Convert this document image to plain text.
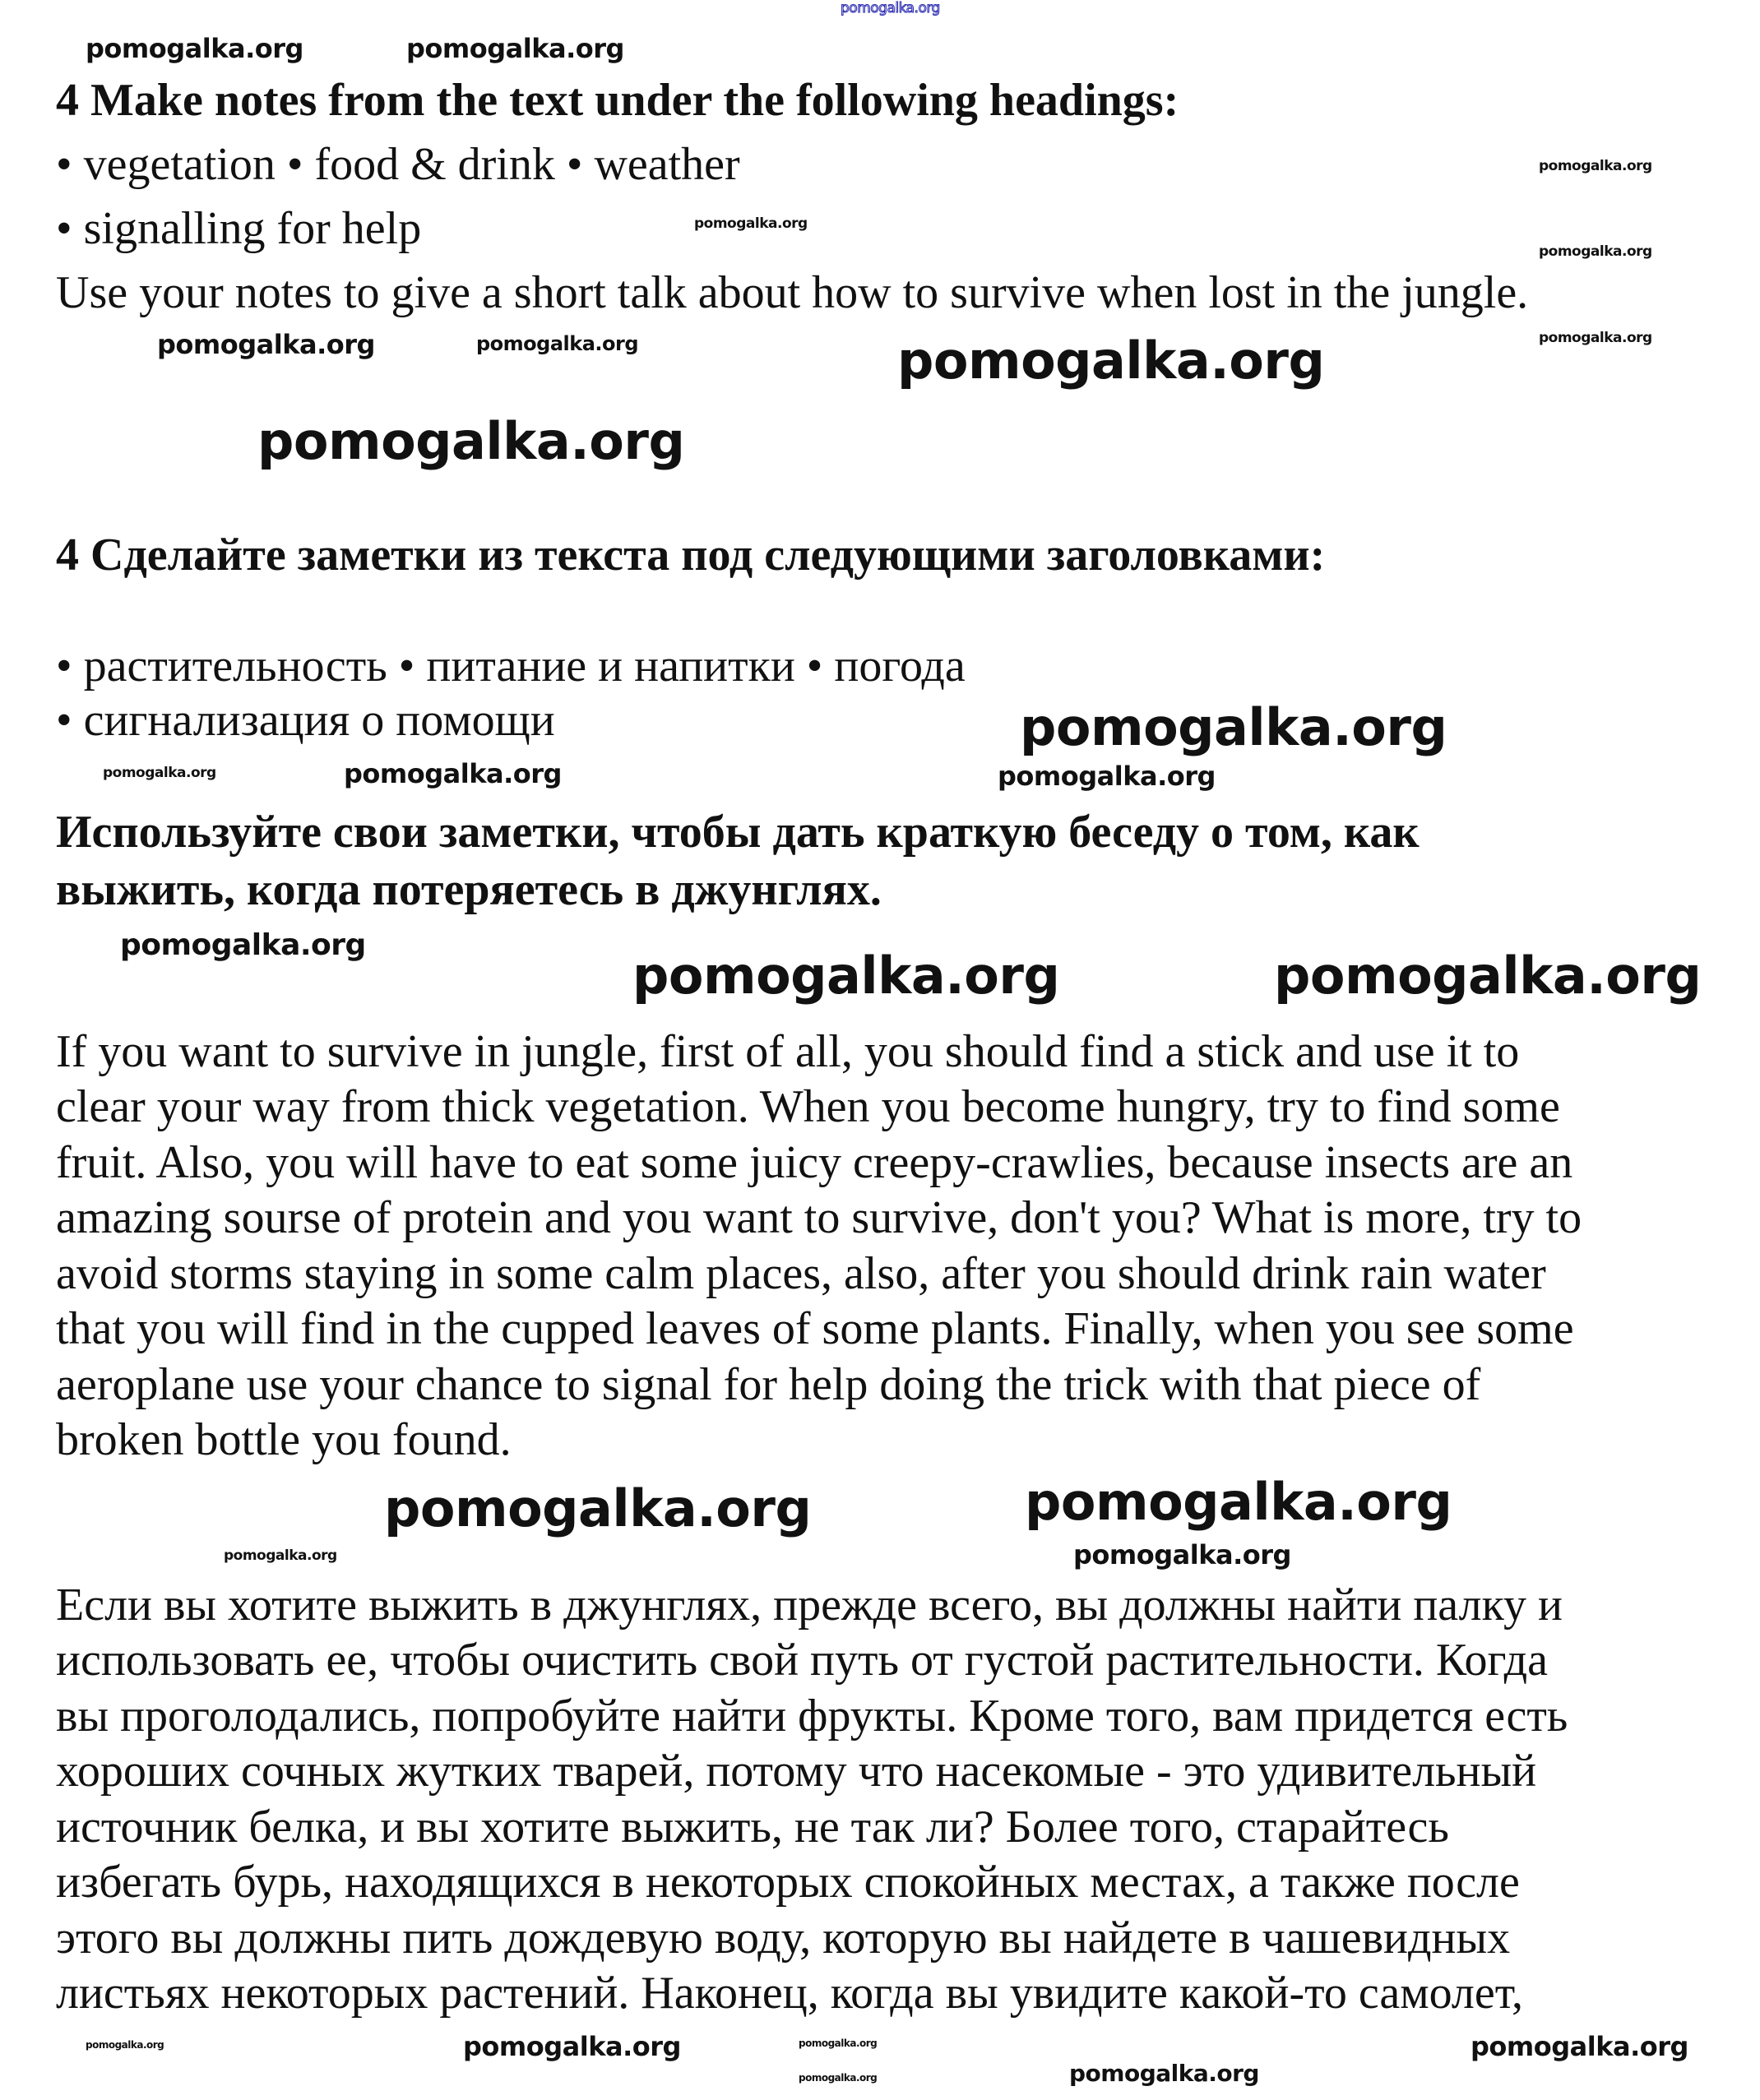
pomogalka.org
4 Make notes from the text under the following headings:
• vegetation • food & drink • weather
• signalling for help
Use your notes to give a short talk about how to survive when lost in the jungle.
4 Сделайте заметки из текста под следующими заголовками:
• растительность • питание и напитки • погода
• сигнализация о помощи
Используйте свои заметки, чтобы дать краткую беседу о том, как
выжить, когда потеряетесь в джунглях.
If you want to survive in jungle, first of all, you should find a stick and use it to
clear your way from thick vegetation. When you become hungry, try to find some
fruit. Also, you will have to eat some juicy creepy-crawlies, because insects are an
amazing sourse of protein and you want to survive, don't you? What is more, try to
avoid storms staying in some calm places, also, after you should drink rain water
that you will find in the cupped leaves of some plants. Finally, when you see some
aeroplane use your chance to signal for help doing the trick with that piece of
broken bottle you found.
Если вы хотите выжить в джунглях, прежде всего, вы должны найти палку и
использовать ее, чтобы очистить свой путь от густой растительности. Когда
вы проголодались, попробуйте найти фрукты. Кроме того, вам придется есть
хороших сочных жутких тварей, потому что насекомые - это удивительный
источник белка, и вы хотите выжить, не так ли? Более того, старайтесь
избегать бурь, находящихся в некоторых спокойных местах, а также после
этого вы должны пить дождевую воду, которую вы найдете в чашевидных
листьях некоторых растений. Наконец, когда вы увидите какой-то самолет,
pomogalka.org	pomogalka.org
pomogalka.org
pomogalka.org
pomogalka.org
pomogalka.org	pomogalka.org	pomogalka.org
pomogalka.org
pomogalka.org
pomogalka.org
pomogalka.org	pomogalka.org
pomogalka.org
pomogalka.org
pomogalka.org
pomogalka.org
pomogalka.org	pomogalka.org	pomogalka.org
pomogalka.org
pomogalka.org
pomogalka.org	pomogalka.org
pomogalka.org
pomogalka.org
pomogalka.org
